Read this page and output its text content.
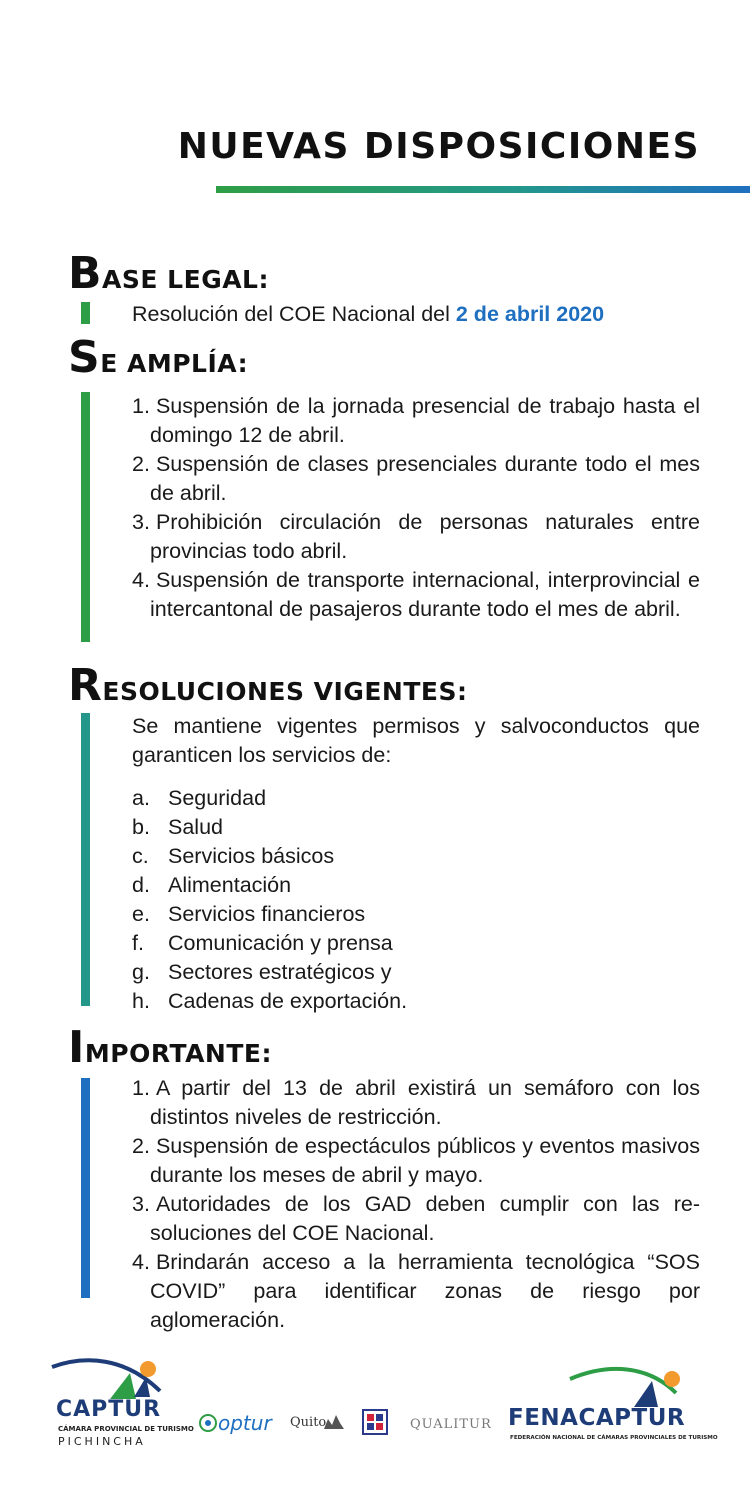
NUEVAS DISPOSICIONES
BASE LEGAL:
Resolución del COE Nacional del 2 de abril 2020
SE AMPLÍA:
1. Suspensión de la jornada presencial de trabajo hasta el domingo 12 de abril.
2. Suspensión de clases presenciales durante todo el mes de abril.
3. Prohibición circulación de personas naturales entre provincias todo abril.
4. Suspensión de transporte internacional, interprovincial e intercantonal de pasajeros durante todo el mes de abril.
RESOLUCIONES VIGENTES:

Se mantiene vigentes permisos y salvoconductos que garanticen los servicios de:

a. Seguridad
b. Salud
c. Servicios básicos
d. Alimentación
e. Servicios financieros
f. Comunicación y prensa
g. Sectores estratégicos y
h. Cadenas de exportación.
IMPORTANTE:
1. A partir del 13 de abril existirá un semáforo con los distintos niveles de restricción.
2. Suspensión de espectáculos públicos y eventos masivos durante los meses de abril y mayo.
3. Autoridades de los GAD deben cumplir con las resoluciones del COE Nacional.
4. Brindarán acceso a la herramienta tecnológica “SOS COVID” para identificar zonas de riesgo por aglomeración.
CAPTUR
CÁMARA PROVINCIAL DE TURISMO
PICHINCHA
optur Quito	QUALITUR FENACAPTUR
FEDERACIÓN NACIONAL DE CÁMARAS PROVINCIALES DE TURISMO
